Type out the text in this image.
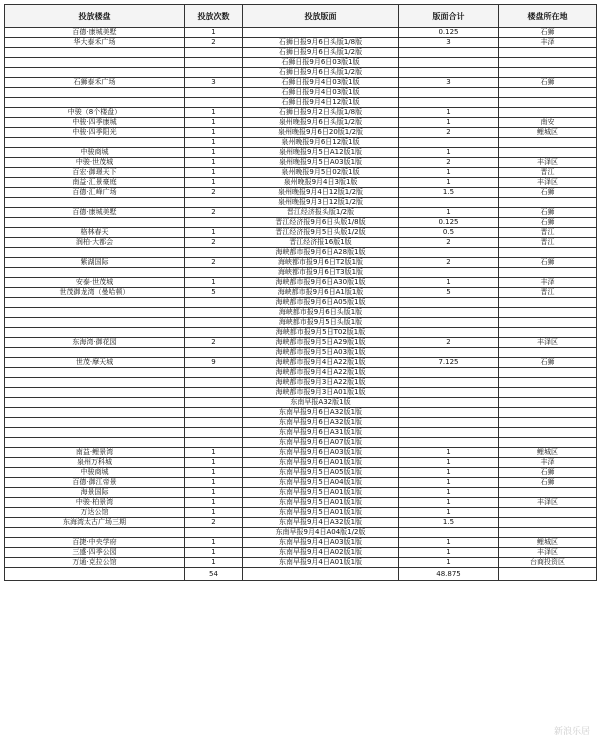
投放楼盘	投放次数	投放版面	版面合计	楼盘所在地
百德·康城美墅	1		0.125	石狮
华大泰禾广场	2	石狮日报9月6日头版1/8版	3	丰泽
		石狮日报9月6日头版1/2版		
		石狮日报9月6日03版1版		
		石狮日报9月6日头版1/2版		
石狮泰禾广场	3	石狮日报9月4日03版1版	3	石狮
		石狮日报9月4日03版1版		
		石狮日报9月4日12版1版		
中骏（8个楼盘）	1	石狮日报9月2日头版1/8版	1	
中骏·四季康城	1	泉州晚报9月6日头版1/2版	1	南安
中骏·四季阳光	1	泉州晚报9月6日20版1/2版	2	鲤城区
	1	泉州晚报9月6日12版1版		
中骏商城	1	泉州晚报9月5日A12版1版	1	
中骏·世茂城	1	泉州晚报9月5日A03版1版	2	丰泽区
百宏·御璟天下	1	泉州晚报9月5日02版1版	1	晋江
南益·汇景豪庭	1	泉州晚报9月4日3版1版	1	丰泽区
百德·汇峰广场	2	泉州晚报9月4日12版1/2版	1.5	石狮
		泉州晚报9月3日12版1/2版		
百德·康城美墅	2	晋江经济报头版1/2版	1	石狮
		晋江经济报9月6日头版1/8版	0.125	石狮
格林春天	1	晋江经济报9月5日头版1/2版	0.5	晋江
润柏·大都会	2	晋江经济报16版1版	2	晋江
		海峡都市报9月6日A28版1版		
紫湖国际	2	海峡都市报9月6日T2版1版	2	石狮
		海峡都市报9月6日T3版1版		
安泰·世茂城	1	海峡都市报9月6日A30版1版	1	丰泽
世茂御龙湾（曼哈顿）	5	海峡都市报9月6日A1版1版	5	晋江
		海峡都市报9月6日A05版1版		
		海峡都市报9月6日头版1版		
		海峡都市报9月5日头版1版		
		海峡都市报9月5日T02版1版		
东海湾·御花园	2	海峡都市报9月5日A29版1版	2	丰泽区
		海峡都市报9月5日A03版1版		
世茂·摩天城	9	海峡都市报9月4日A22版1版	7.125	石狮
		海峡都市报9月4日A22版1版		
		海峡都市报9月3日A22版1版		
		海峡都市报9月3日A01版1版		
		东南早报A32版1版		
		东南早报9月6日A32版1版		
		东南早报9月6日A32版1版		
		东南早报9月6日A31版1版		
		东南早报9月6日A07版1版		
南益·鲤景湾	1	东南早报9月6日A03版1版	1	鲤城区
泉州万科城	1	东南早报9月6日A01版1版	1	丰泽
中骏商城	1	东南早报9月5日A05版1版	1	石狮
百德·御江帝景	1	东南早报9月5日A04版1版	1	石狮
海景国际	1	东南早报9月5日A01版1版	1	
中骏·柏景湾	1	东南早报9月5日A01版1版	1	丰泽区
万达公馆	1	东南早报9月5日A01版1版	1	
东海湾太古广场三期	2	东南早报9月4日A32版1版	1.5	
		东南早报9月4日A04版1/2版		
百捷·中央学府	1	东南早报9月4日A03版1版	1	鲤城区
三盛·四季公园	1	东南早报9月4日A02版1版	1	丰泽区
万通·克拉公馆	1	东南早报9月4日A01版1版	1	台商投资区
	54		48.875	
新浪乐居
